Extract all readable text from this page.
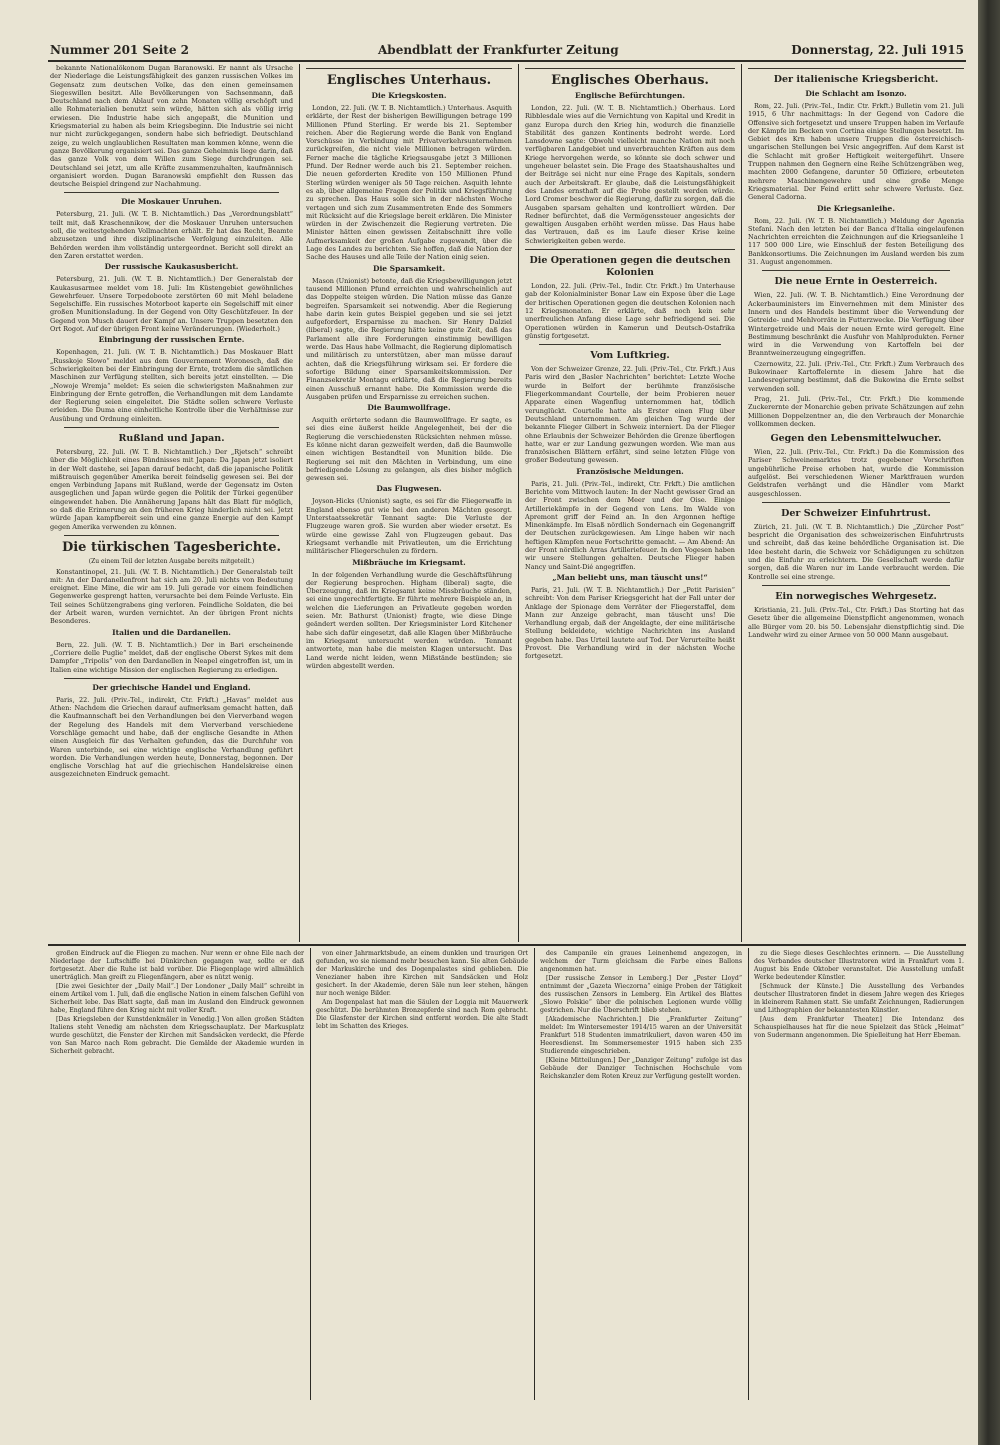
Nummer 201 Seite 2	Abendblatt der Frankfurter Zeitung	Donnerstag, 22. Juli 1915

bekannte Nationalökonom Dugan Baranowski. Er nannt als Ursache der Niederlage die Leistungsfähigkeit des ganzen russischen Volkes im Gegensatz zum deutschen Volke, das den einen gemeinsamen Siegeswillen besitzt. Alle Bevölkerungen von Sachsenmann, daß Deutschland nach dem Ablauf von zehn Monaten völlig erschöpft und alle Rohmaterialien benutzt sein würde, hätten sich als völlig irrig erwiesen. Die Industrie habe sich angepaßt, die Munition und Kriegsmaterial zu haben als beim Kriegsbeginn. Die Industrie sei nicht nur nicht zurückgegangen, sondern habe sich befriedigt. Deutschland zeige, zu welch unglaublichen Resultaten man kommen könne, wenn die ganze Bevölkerung organisiert sei. Das ganze Geheimnis liege darin, daß das ganze Volk von dem Willen zum Siege durchdrungen sei. Deutschland sei jetzt, um alle Kräfte zusammenzuhalten, kaufmännisch organisiert worden. Dugan Baranowski empfiehlt den Russen das deutsche Beispiel dringend zur Nachahmung.

Die Moskauer Unruhen.

Petersburg, 21. Juli. (W. T. B. Nichtamtlich.) Das „Verordnungsblatt“ teilt mit, daß Kraschennikow, der die Moskauer Unruhen untersuchen soll, die weitestgehenden Vollmachten erhält. Er hat das Recht, Beamte abzusetzen und ihre disziplinarische Verfolgung einzuleiten. Alle Behörden werden ihm vollständig untergeordnet. Bericht soll direkt an den Zaren erstattet werden.

Der russische Kaukasusbericht.

Petersburg, 21. Juli. (W. T. B. Nichtamtlich.) Der Generalstab der Kaukasusarmee meldet vom 18. Juli: Im Küstengebiet gewöhnliches Gewehrfeuer. Unsere Torpedoboote zerstörten 60 mit Mehl beladene Segelschiffe. Ein russisches Motorboot kaperte ein Segelschiff mit einer großen Munitionsladung. In der Gegend von Olty Geschützfeuer. In der Gegend von Musch dauert der Kampf an. Unsere Truppen besetzten den Ort Rogot. Auf der übrigen Front keine Veränderungen. (Wiederholt.)

Einbringung der russischen Ernte.

Kopenhagen, 21. Juli. (W. T. B. Nichtamtlich.) Das Moskauer Blatt „Russkoje Slowo“ meldet aus dem Gouvernement Woronesch, daß die Schwierigkeiten bei der Einbringung der Ernte, trotzdem die sämtlichen Maschinen zur Verfügung stellten, sich bereits jetzt einstellten. — Die „Nowoje Wremja“ meldet: Es seien die schwierigsten Maßnahmen zur Einbringung der Ernte getroffen, die Verhandlungen mit dem Landamte der Regierung seien eingeleitet. Die Städte sollen schwere Verluste erleiden. Die Duma eine einheitliche Kontrolle über die Verhältnisse zur Ausübung und Ordnung einleiten.

Rußland und Japan.

Petersburg, 22. Juli. (W. T. B. Nichtamtlich.) Der „Rjetsch“ schreibt über die Möglichkeit eines Bündnisses mit Japan: Da Japan jetzt isoliert in der Welt dastehe, sei Japan darauf bedacht, daß die japanische Politik mißtrauisch gegenüber Amerika bereit feindselig gewesen sei. Bei der engen Verbindung Japans mit Rußland, werde der Gegensatz im Osten ausgeglichen und Japan würde gegen die Politik der Türkei gegenüber eingewendet haben. Die Annäherung Japans hält das Blatt für möglich, so daß die Erinnerung an den früheren Krieg hinderlich nicht sei. Jetzt würde Japan kampfbereit sein und eine ganze Energie auf den Kampf gegen Amerika verwenden zu können.

Die türkischen Tagesberichte.
(Zu einem Teil der letzten Ausgabe bereits mitgeteilt.)

Konstantinopel, 21. Juli. (W. T. B. Nichtamtlich.) Der Generalstab teilt mit: An der Dardanellenfront hat sich am 20. Juli nichts von Bedeutung ereignet. Eine Mine, die wir am 19. Juli gerade vor einem feindlichen Gegenwerke gesprengt hatten, verursachte bei dem Feinde Verluste. Ein Teil seines Schützengrabens ging verloren. Feindliche Soldaten, die bei der Arbeit waren, wurden vernichtet. An der übrigen Front nichts Besonderes.

Italien und die Dardanellen.

Bern, 22. Juli. (W. T. B. Nichtamtlich.) Der in Bari erscheinende „Corriere delle Puglie“ meldet, daß der englische Oberst Sykes mit dem Dampfer „Tripolis“ von den Dardanellen in Neapel eingetroffen ist, um in Italien eine wichtige Mission der englischen Regierung zu erledigen.

Der griechische Handel und England.

Paris, 22. Juli. (Priv.-Tel., indirekt, Ctr. Frkft.) „Havas“ meldet aus Athen: Nachdem die Griechen darauf aufmerksam gemacht hatten, daß die Kaufmannschaft bei den Verhandlungen bei den Vierverband wegen der Regelung des Handels mit dem Vierverband verschiedene Vorschläge gemacht und habe, daß der englische Gesandte in Athen einen Ausgleich für das Verhalten gefunden, das die Durchfuhr von Waren unterbinde, sei eine wichtige englische Verhandlung geführt worden. Die Verhandlungen werden heute, Donnerstag, begonnen. Der englische Vorschlag hat auf die griechischen Handelskreise einen ausgezeichneten Eindruck gemacht.

Englisches Unterhaus.
Die Kriegskosten.

London, 22. Juli. (W. T. B. Nichtamtlich.) Unterhaus. Asquith erklärte, der Rest der bisherigen Bewilligungen betrage 199 Millionen Pfund Sterling. Er werde bis 21. September reichen. Aber die Regierung werde die Bank von England Vorschüsse in Verbindung mit Privatverkehrsunternehmen zurückgreifen, die nicht viele Millionen betragen würden. Ferner mache die tägliche Kriegsausgabe jetzt 3 Millionen Pfund. Der Redner werde auch bis 21. September reichen. Die neuen geforderten Kredite von 150 Millionen Pfund Sterling würden weniger als 50 Tage reichen. Asquith lehnte es ab, über allgemeine Fragen der Politik und Kriegsführung zu sprechen. Das Haus solle sich in der nächsten Woche vertagen und sich zum Zusammentreten Ende des Sommers mit Rücksicht auf die Kriegslage bereit erklären. Die Minister würden in der Zwischenzeit die Regierung vertreten. Die Minister hätten einen gewissen Zeitabschnitt ihre volle Aufmerksamkeit der großen Aufgabe zugewandt, über die Lage des Landes zu berichten. Sie hoffen, daß die Nation der Sache des Hauses und alle Teile der Nation einig seien.

Die Sparsamkeit.

Mason (Unionist) betonte, daß die Kriegsbewilligungen jetzt tausend Millionen Pfund erreichten und wahrscheinlich auf das Doppelte steigen würden. Die Nation müsse das Ganze begreifen. Sparsamkeit sei notwendig. Aber die Regierung habe darin kein gutes Beispiel gegeben und sie sei jetzt aufgefordert, Ersparnisse zu machen. Sir Henry Dalziel (liberal) sagte, die Regierung hätte keine gute Zeit, daß das Parlament alle ihre Forderungen einstimmig bewilligen werde. Das Haus habe Vollmacht, die Regierung diplomatisch und militärisch zu unterstützen, aber man müsse darauf achten, daß die Kriegsführung wirksam sei. Er fordere die sofortige Bildung einer Sparsamkeitskommission. Der Finanzsekretär Montagu erklärte, daß die Regierung bereits einen Ausschuß ernannt habe. Die Kommission werde die Ausgaben prüfen und Ersparnisse zu erreichen suchen.

Die Baumwollfrage.

Asquith erörterte sodann die Baumwollfrage. Er sagte, es sei dies eine äußerst heikle Angelegenheit, bei der die Regierung die verschiedensten Rücksichten nehmen müsse. Es könne nicht daran gezweifelt werden, daß die Baumwolle einen wichtigen Bestandteil von Munition bilde. Die Regierung sei mit den Mächten in Verbindung, um eine befriedigende Lösung zu gelangen, als dies bisher möglich gewesen sei.

Das Flugwesen.

Joyson-Hicks (Unionist) sagte, es sei für die Fliegerwaffe in England ebenso gut wie bei den anderen Mächten gesorgt. Unterstaatssekretär Tennant sagte: Die Verluste der Flugzeuge waren groß. Sie wurden aber wieder ersetzt. Es würde eine gewisse Zahl von Flugzeugen gebaut. Das Kriegsamt verhandle mit Privatleuten, um die Errichtung militärischer Fliegerschulen zu fördern.

Mißbräuche im Kriegsamt.

In der folgenden Verhandlung wurde die Geschäftsführung der Regierung besprochen. Higham (liberal) sagte, die Überzeugung, daß im Kriegsamt keine Missbräuche ständen, sei eine ungerechtfertigte. Er führte mehrere Beispiele an, in welchen die Lieferungen an Privatleute gegeben worden seien. Mr. Bathurst (Unionist) fragte, wie diese Dinge geändert werden sollten. Der Kriegsminister Lord Kitchener habe sich dafür eingesetzt, daß alle Klagen über Mißbräuche im Kriegsamt untersucht werden würden. Tennant antwortete, man habe die meisten Klagen untersucht. Das Land werde nicht leiden, wenn Mißstände bestünden; sie würden abgestellt werden.

Englisches Oberhaus.
Englische Befürchtungen.

London, 22. Juli. (W. T. B. Nichtamtlich.) Oberhaus. Lord Ribblesdale wies auf die Vernichtung von Kapital und Kredit in ganz Europa durch den Krieg hin, wodurch die finanzielle Stabilität des ganzen Kontinents bedroht werde. Lord Lansdowne sagte: Obwohl vielleicht manche Nation mit noch verfügbaren Landgebiet und unverbrauchten Kräften aus dem Kriege hervorgehen werde, so könnte sie doch schwer und ungeheuer belastet sein. Die Frage des Staatshaushaltes und der Beiträge sei nicht nur eine Frage des Kapitals, sondern auch der Arbeitskraft. Er glaube, daß die Leistungsfähigkeit des Landes ernsthaft auf die Probe gestellt werden würde. Lord Cromer beschwor die Regierung, dafür zu sorgen, daß die Ausgaben sparsam gehalten und kontrolliert würden. Der Redner befürchtet, daß die Vermögenssteuer angesichts der gewaltigen Ausgaben erhöht werden müsse. Das Haus habe das Vertrauen, daß es im Laufe dieser Krise keine Schwierigkeiten geben werde.

Die Operationen gegen die deutschen Kolonien

London, 22. Juli. (Priv.-Tel., Indir. Ctr. Frkft.) Im Unterhause gab der Kolonialminister Bonar Law ein Expose über die Lage der britischen Operationen gegen die deutschen Kolonien nach 12 Kriegsmonaten. Er erklärte, daß noch kein sehr unerfreulichen Anfang diese Lage sehr befriedigend sei. Die Operationen würden in Kamerun und Deutsch-Ostafrika günstig fortgesetzt.

Vom Luftkrieg.

Von der Schweizer Grenze, 22. Juli. (Priv.-Tel., Ctr. Frkft.) Aus Paris wird den „Basler Nachrichten“ berichtet: Letzte Woche wurde in Belfort der berühmte französische Fliegerkommandant Courtelle, der beim Probieren neuer Apparate einen Wagenflug unternommen hat, tödlich verunglückt. Courtelle hatte als Erster einen Flug über Deutschland unternommen. Am gleichen Tag wurde der bekannte Flieger Gilbert in Schweiz interniert. Da der Flieger ohne Erlaubnis der Schweizer Behörden die Grenze überflogen hatte, war er zur Landung gezwungen worden. Wie man aus französischen Blättern erfährt, sind seine letzten Flüge von großer Bedeutung gewesen.

Französische Meldungen.

Paris, 21. Juli. (Priv.-Tel., indirekt, Ctr. Frkft.) Die amtlichen Berichte vom Mittwoch lauten: In der Nacht gewisser Grad an der Front zwischen dem Meer und der Oise. Einige Artilleriekämpfe in der Gegend von Lens. Im Walde von Apremont griff der Feind an. In den Argonnen heftige Minenkämpfe. Im Elsaß nördlich Sondernach ein Gegenangriff der Deutschen zurückgewiesen. Am Linge haben wir nach heftigen Kämpfen neue Fortschritte gemacht. — Am Abend: An der Front nördlich Arras Artilleriefeuer. In den Vogesen haben wir unsere Stellungen gehalten. Deutsche Flieger haben Nancy und Saint-Dié angegriffen.

„Man beliebt uns, man täuscht uns!“

Paris, 21. Juli. (W. T. B. Nichtamtlich.) Der „Petit Parisien“ schreibt: Von dem Pariser Kriegsgericht hat der Fall unter der Anklage der Spionage dem Verräter der Fliegerstaffel, dem Mann zur Anzeige gebracht, man täuscht uns! Die Verhandlung ergab, daß der Angeklagte, der eine militärische Stellung bekleidete, wichtige Nachrichten ins Ausland gegeben habe. Das Urteil lautete auf Tod. Der Verurteilte heißt Provost. Die Verhandlung wird in der nächsten Woche fortgesetzt.

Der italienische Kriegsbericht.
Die Schlacht am Isonzo.

Rom, 22. Juli. (Priv.-Tel., Indir. Ctr. Frkft.) Bulletin vom 21. Juli 1915, 6 Uhr nachmittags: In der Gegend von Cadore die Offensive sich fortgesetzt und unsere Truppen haben im Verlaufe der Kämpfe im Becken von Cortina einige Stellungen besetzt. Im Gebiet des Krn haben unsere Truppen die österreichisch-ungarischen Stellungen bei Vrsic angegriffen. Auf dem Karst ist die Schlacht mit großer Heftigkeit weitergeführt. Unsere Truppen nahmen den Gegnern eine Reihe Schützengräben weg, machten 2000 Gefangene, darunter 50 Offiziere, erbeuteten mehrere Maschinengewehre und eine große Menge Kriegsmaterial. Der Feind erlitt sehr schwere Verluste. Gez. General Cadorna.

Die Kriegsanleihe.

Rom, 22. Juli. (W. T. B. Nichtamtlich.) Meldung der Agenzia Stefani. Nach den letzten bei der Banca d'Italia eingelaufenen Nachrichten erreichten die Zeichnungen auf die Kriegsanleihe 1 117 500 000 Lire, wie Einschluß der festen Beteiligung des Bankkonsortiums. Die Zeichnungen im Ausland werden bis zum 31. August angenommen.

Die neue Ernte in Oesterreich.

Wien, 22. Juli. (W. T. B. Nichtamtlich.) Eine Verordnung der Ackerbauministers im Einvernehmen mit dem Minister des Innern und des Handels bestimmt über die Verwendung der Getreide- und Mehlvorräte in Futterzwecke. Die Verfügung über Wintergetreide und Mais der neuen Ernte wird geregelt. Eine Bestimmung beschränkt die Ausfuhr von Mahlprodukten. Ferner wird in die Verwendung von Kartoffeln bei der Branntweinerzeugung eingegriffen.

Czernowitz, 22. Juli. (Priv.-Tel., Ctr. Frkft.) Zum Verbrauch des Bukowinaer Kartoffelernte in diesem Jahre hat die Landesregierung bestimmt, daß die Bukowina die Ernte selbst verwenden soll.

Prag, 21. Juli. (Priv.-Tel., Ctr. Frkft.) Die kommende Zuckerernte der Monarchie geben private Schätzungen auf zehn Millionen Doppelzentner an, die den Verbrauch der Monarchie vollkommen decken.

Gegen den Lebensmittelwucher.

Wien, 22. Juli. (Priv.-Tel., Ctr. Frkft.) Da die Kommission des Pariser Schweinemarktes trotz gegebener Vorschriften ungebührliche Preise erhoben hat, wurde die Kommission aufgelöst. Bei verschiedenen Wiener Marktfrauen wurden Geldstrafen verhängt und die Händler vom Markt ausgeschlossen.

Der Schweizer Einfuhrtrust.

Zürich, 21. Juli. (W. T. B. Nichtamtlich.) Die „Zürcher Post“ bespricht die Organisation des schweizerischen Einfuhrtrusts und schreibt, daß das keine behördliche Organisation ist. Die Idee besteht darin, die Schweiz vor Schädigungen zu schützen und die Einfuhr zu erleichtern. Die Gesellschaft werde dafür sorgen, daß die Waren nur im Lande verbraucht werden. Die Kontrolle sei eine strenge.

Ein norwegisches Wehrgesetz.

Kristiania, 21. Juli. (Priv.-Tel., Ctr. Frkft.) Das Storting hat das Gesetz über die allgemeine Dienstpflicht angenommen, wonach alle Bürger vom 20. bis 50. Lebensjahr dienstpflichtig sind. Die Landwehr wird zu einer Armee von 50 000 Mann ausgebaut.

großen Eindruck auf die Fliegen zu machen. Nur wenn er ohne Eile nach der Niederlage der Luftschiffe bei Dünkirchen gegangen war, sollte er daß fortgesetzt. Aber die Ruhe ist bald vorüber. Die Fliegenplage wird allmählich unerträglich. Man greift zu Fliegenfängern, aber es nützt wenig.

[Die zwei Gesichter der „Daily Mail“.] Der Londoner „Daily Mail“ schreibt in einem Artikel vom 1. Juli, daß die englische Nation in einem falschen Gefühl von Sicherheit lebe. Das Blatt sagte, daß man im Ausland den Eindruck gewonnen habe, England führe den Krieg nicht mit voller Kraft.

[Das Kriegsleben der Kunstdenkmäler in Venedig.] Von allen großen Städten Italiens steht Venedig am nächsten dem Kriegsschauplatz. Der Markusplatz wurde geschützt, die Fenster der Kirchen mit Sandsäcken verdeckt, die Pferde von San Marco nach Rom gebracht. Die Gemälde der Akademie wurden in Sicherheit gebracht.

von einer Jahrmarktsbude, an einem dunklen und traurigen Ort gefunden, wo sie niemand mehr besuchen kann. Sie alten Gebäude der Markuskirche und des Dogenpalastes sind geblieben. Die Venezianer haben ihre Kirchen mit Sandsäcken und Holz gesichert. In der Akademie, deren Säle nun leer stehen, hängen nur noch wenige Bilder.

Am Dogenpalast hat man die Säulen der Loggia mit Mauerwerk geschützt. Die berühmten Bronzepferde sind nach Rom gebracht. Die Glasfenster der Kirchen sind entfernt worden. Die alte Stadt lebt im Schatten des Krieges.

des Campanile ein graues Leinenhemd angezogen, in welchem der Turm gleichsam die Farbe eines Ballons angenommen hat.

[Der russische Zensor in Lemberg.] Der „Pester Lloyd“ entnimmt der „Gazeta Wieczorna“ einige Proben der Tätigkeit des russischen Zensors in Lemberg. Ein Artikel des Blattes „Slowo Polskie“ über die polnischen Legionen wurde völlig gestrichen. Nur die Überschrift blieb stehen.

[Akademische Nachrichten.] Die „Frankfurter Zeitung“ meldet: Im Wintersemester 1914/15 waren an der Universität Frankfurt 518 Studenten immatrikuliert, davon waren 450 im Heeresdienst. Im Sommersemester 1915 haben sich 235 Studierende eingeschrieben.

[Kleine Mitteilungen.] Der „Danziger Zeitung“ zufolge ist das Gebäude der Danziger Technischen Hochschule vom Reichskanzler dem Roten Kreuz zur Verfügung gestellt worden.

zu die Siege dieses Geschlechtes erinnern. — Die Ausstellung des Verbandes deutscher Illustratoren wird in Frankfurt vom 1. August bis Ende Oktober veranstaltet. Die Ausstellung umfaßt Werke bedeutender Künstler.

[Schmuck der Künste.] Die Ausstellung des Verbandes deutscher Illustratoren findet in diesem Jahre wegen des Krieges in kleinerem Rahmen statt. Sie umfaßt Zeichnungen, Radierungen und Lithographien der bekanntesten Künstler.

[Aus dem Frankfurter Theater.] Die Intendanz des Schauspielhauses hat für die neue Spielzeit das Stück „Heimat“ von Sudermann angenommen. Die Spielleitung hat Herr Ebeman.
